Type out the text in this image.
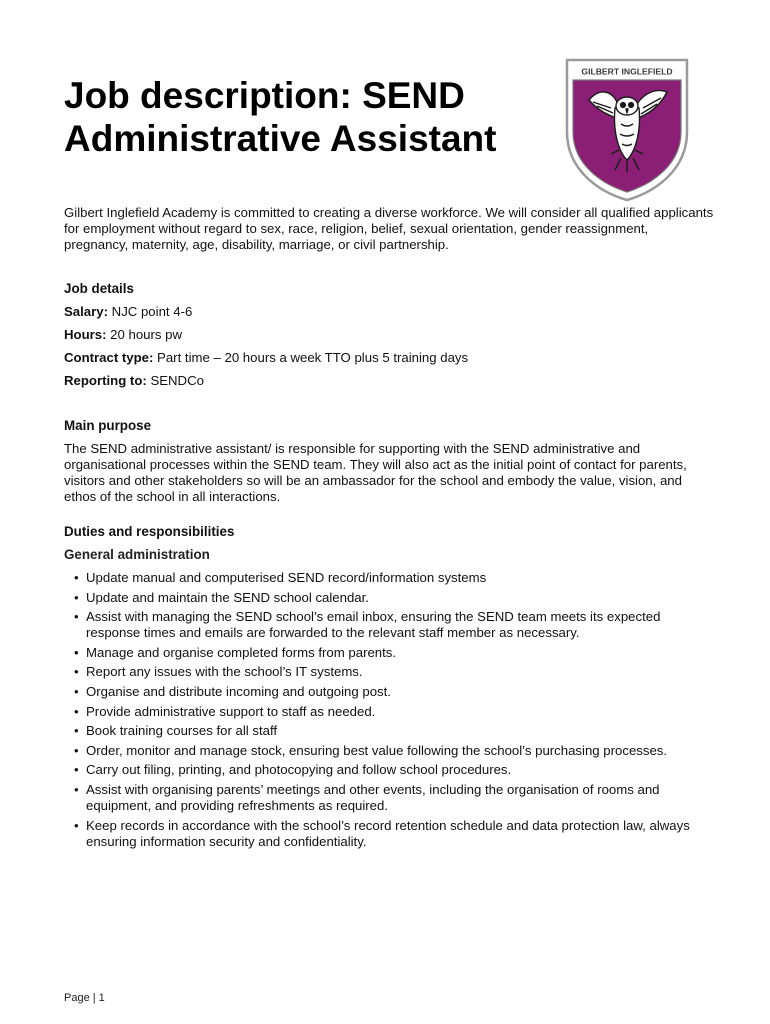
Job description: SEND Administrative Assistant
GILBERT INGLEFIELD

Gilbert Inglefield Academy is committed to creating a diverse workforce. We will consider all qualified applicants for employment without regard to sex, race, religion, belief, sexual orientation, gender reassignment, pregnancy, maternity, age, disability, marriage, or civil partnership.

Job details

Salary: NJC point 4-6

Hours: 20 hours pw

Contract type: Part time – 20 hours a week TTO plus 5 training days

Reporting to: SENDCo

Main purpose

The SEND administrative assistant/ is responsible for supporting with the SEND administrative and organisational processes within the SEND team. They will also act as the initial point of contact for parents, visitors and other stakeholders so will be an ambassador for the school and embody the value, vision, and ethos of the school in all interactions.

Duties and responsibilities

General administration

• Update manual and computerised SEND record/information systems
• Update and maintain the SEND school calendar.
• Assist with managing the SEND school’s email inbox, ensuring the SEND team meets its expected response times and emails are forwarded to the relevant staff member as necessary.
• Manage and organise completed forms from parents.
• Report any issues with the school’s IT systems.
• Organise and distribute incoming and outgoing post.
• Provide administrative support to staff as needed.
• Book training courses for all staff
• Order, monitor and manage stock, ensuring best value following the school’s purchasing processes.
• Carry out filing, printing, and photocopying and follow school procedures.
• Assist with organising parents’ meetings and other events, including the organisation of rooms and equipment, and providing refreshments as required.
• Keep records in accordance with the school’s record retention schedule and data protection law, always ensuring information security and confidentiality.
Page | 1
